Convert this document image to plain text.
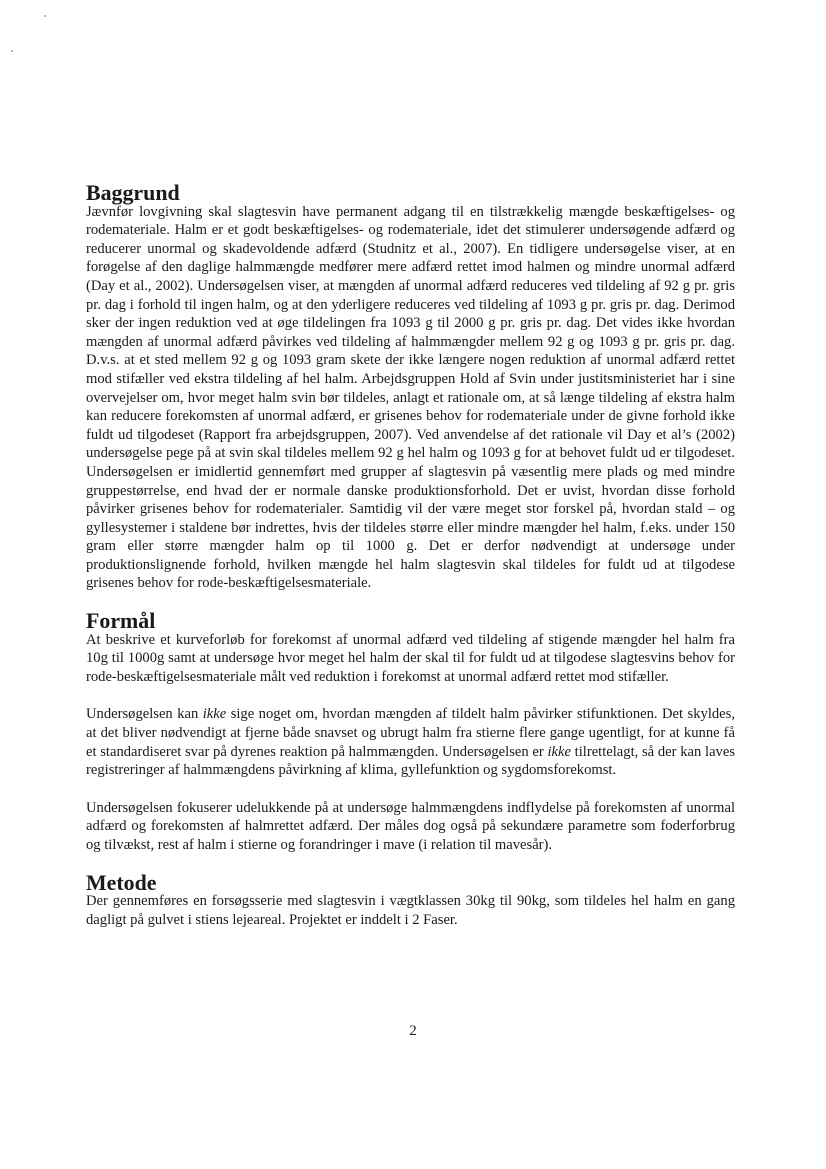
Baggrund

Jævnfør lovgivning skal slagtesvin have permanent adgang til en tilstrækkelig mængde beskæftigelses- og rodemateriale. Halm er et godt beskæftigelses- og rodemateriale, idet det stimulerer undersøgende adfærd og reducerer unormal og skadevoldende adfærd (Studnitz et al., 2007). En tidligere undersøgelse viser, at en forøgelse af den daglige halmmængde medfører mere adfærd rettet imod halmen og mindre unormal adfærd (Day et al., 2002). Undersøgelsen viser, at mængden af unormal adfærd reduceres ved tildeling af 92 g pr. gris pr. dag i forhold til ingen halm, og at den yderligere reduceres ved tildeling af 1093 g pr. gris pr. dag. Derimod sker der ingen reduktion ved at øge tildelingen fra 1093 g til 2000 g pr. gris pr. dag. Det vides ikke hvordan mængden af unormal adfærd påvirkes ved tildeling af halmmængder mellem 92 g og 1093 g pr. gris pr. dag. D.v.s. at et sted mellem 92 g og 1093 gram skete der ikke længere nogen reduktion af unormal adfærd rettet mod stifæller ved ekstra tildeling af hel halm. Arbejdsgruppen Hold af Svin under justitsministeriet har i sine overvejelser om, hvor meget halm svin bør tildeles, anlagt et rationale om, at så længe tildeling af ekstra halm kan reducere forekomsten af unormal adfærd, er grisenes behov for rodemateriale under de givne forhold ikke fuldt ud tilgodeset (Rapport fra arbejdsgruppen, 2007). Ved anvendelse af det rationale vil Day et al’s (2002) undersøgelse pege på at svin skal tildeles mellem 92 g hel halm og 1093 g for at behovet fuldt ud er tilgodeset. Undersøgelsen er imidlertid gennemført med grupper af slagtesvin på væsentlig mere plads og med mindre gruppestørrelse, end hvad der er normale danske produktionsforhold. Det er uvist, hvordan disse forhold påvirker grisenes behov for rodematerialer. Samtidig vil der være meget stor forskel på, hvordan stald – og gyllesystemer i staldene bør indrettes, hvis der tildeles større eller mindre mængder hel halm, f.eks. under 150 gram eller større mængder halm op til 1000 g. Det er derfor nødvendigt at undersøge under produktionslignende forhold, hvilken mængde hel halm slagtesvin skal tildeles for fuldt ud at tilgodese grisenes behov for rode-beskæftigelsesmateriale.

Formål

At beskrive et kurveforløb for forekomst af unormal adfærd ved tildeling af stigende mængder hel halm fra 10g til 1000g samt at undersøge hvor meget hel halm der skal til for fuldt ud at tilgodese slagtesvins behov for rode-beskæftigelsesmateriale målt ved reduktion i forekomst at unormal adfærd rettet mod stifæller.

Undersøgelsen kan ikke sige noget om, hvordan mængden af tildelt halm påvirker stifunktionen. Det skyldes, at det bliver nødvendigt at fjerne både snavset og ubrugt halm fra stierne flere gange ugentligt, for at kunne få et standardiseret svar på dyrenes reaktion på halmmængden. Undersøgelsen er ikke tilrettelagt, så der kan laves registreringer af halmmængdens påvirkning af klima, gyllefunktion og sygdomsforekomst.

Undersøgelsen fokuserer udelukkende på at undersøge halmmængdens indflydelse på forekomsten af unormal adfærd og forekomsten af halmrettet adfærd. Der måles dog også på sekundære parametre som foderforbrug og tilvækst, rest af halm i stierne og forandringer i mave (i relation til mavesår).

Metode

Der gennemføres en forsøgsserie med slagtesvin i vægtklassen 30kg til 90kg, som tildeles hel halm en gang dagligt på gulvet i stiens lejeareal. Projektet er inddelt i 2 Faser.

2
